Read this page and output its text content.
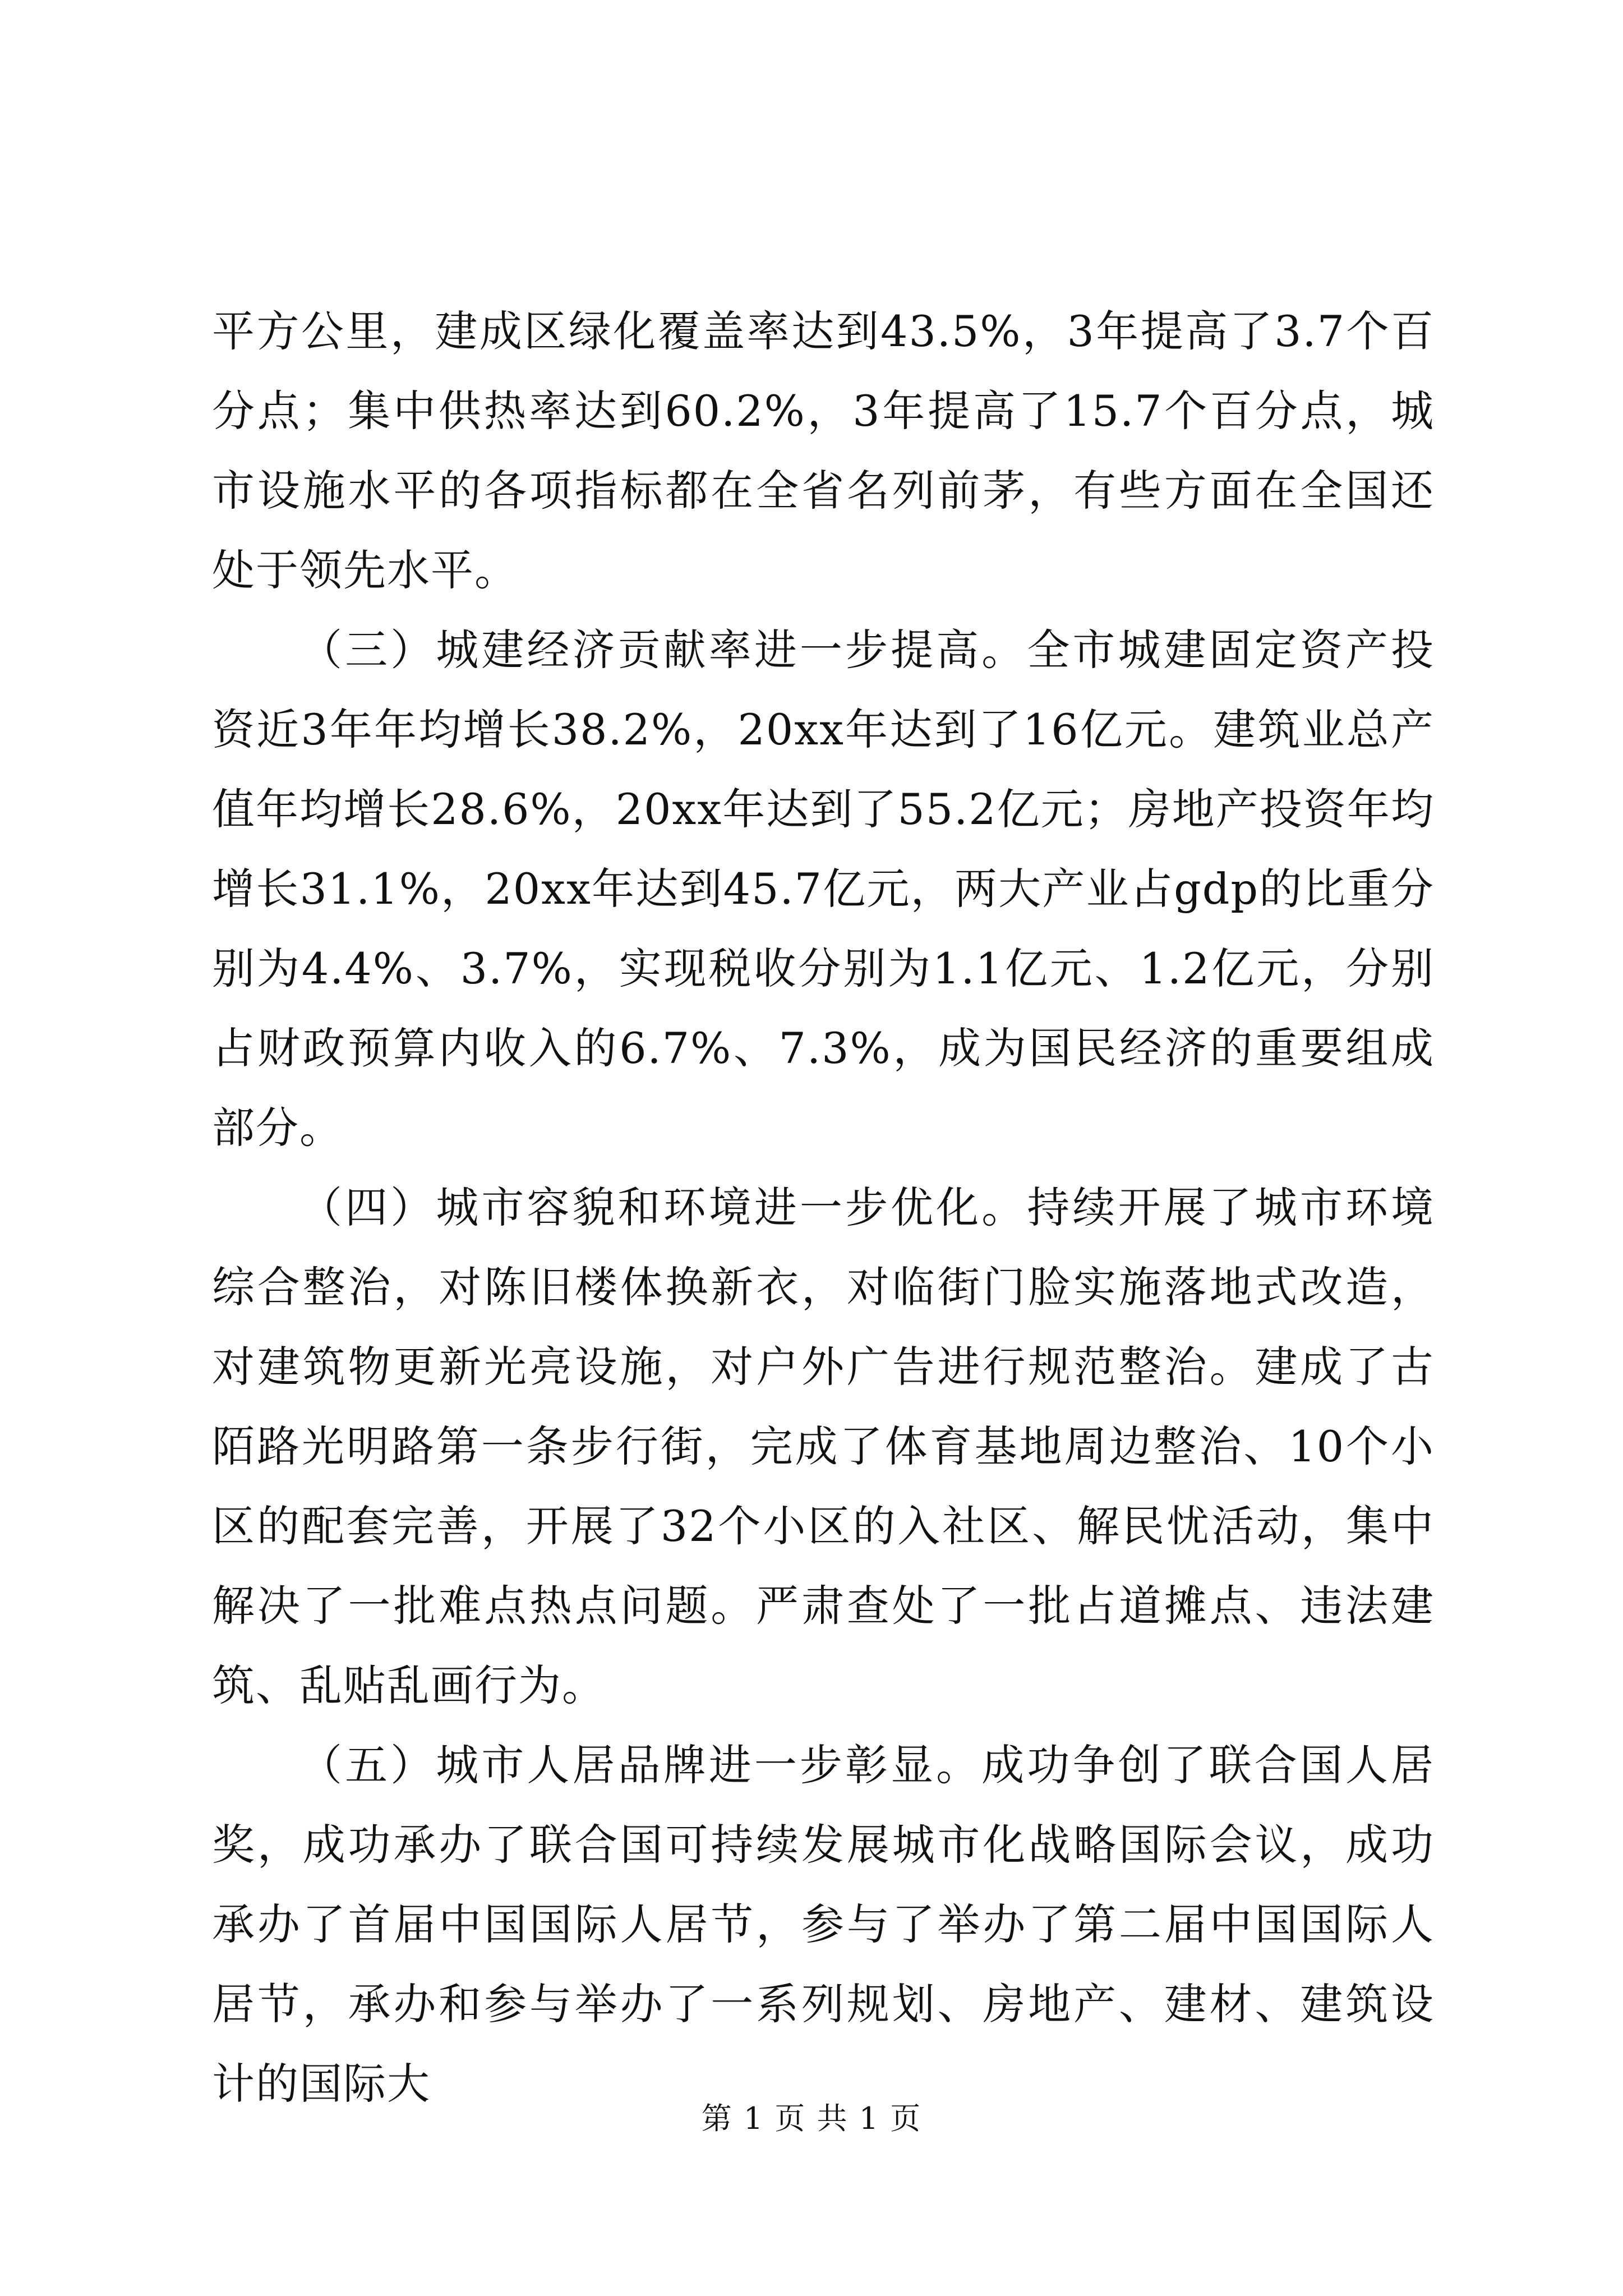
平方公里，建成区绿化覆盖率达到43.5%，3年提高了3.7个百分点；集中供热率达到60.2%，3年提高了15.7个百分点，城市设施水平的各项指标都在全省名列前茅，有些方面在全国还处于领先水平。

（三）城建经济贡献率进一步提高。全市城建固定资产投资近3年年均增长38.2%，20xx年达到了16亿元。建筑业总产值年均增长28.6%，20xx年达到了55.2亿元；房地产投资年均增长31.1%，20xx年达到45.7亿元，两大产业占gdp的比重分别为4.4%、3.7%，实现税收分别为1.1亿元、1.2亿元，分别占财政预算内收入的6.7%、7.3%，成为国民经济的重要组成部分。

（四）城市容貌和环境进一步优化。持续开展了城市环境综合整治，对陈旧楼体换新衣，对临街门脸实施落地式改造，对建筑物更新光亮设施，对户外广告进行规范整治。建成了古陌路光明路第一条步行街，完成了体育基地周边整治、10个小区的配套完善，开展了32个小区的入社区、解民忧活动，集中解决了一批难点热点问题。严肃查处了一批占道摊点、违法建筑、乱贴乱画行为。

（五）城市人居品牌进一步彰显。成功争创了联合国人居奖，成功承办了联合国可持续发展城市化战略国际会议，成功承办了首届中国国际人居节，参与了举办了第二届中国国际人居节，承办和参与举办了一系列规划、房地产、建材、建筑设计的国际大

第 1 页 共 1 页
